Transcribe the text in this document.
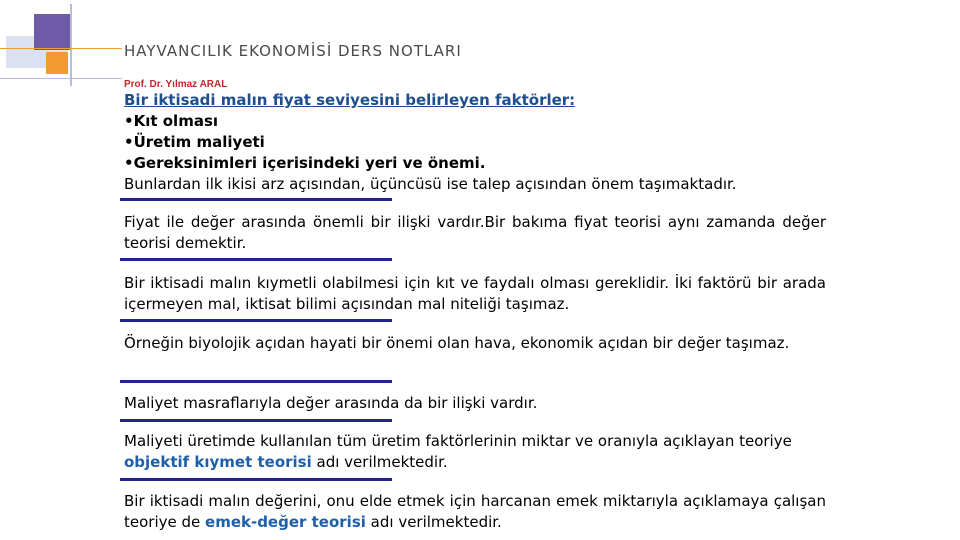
HAYVANCILIK EKONOMİSİ DERS NOTLARI
Prof. Dr. Yılmaz ARAL
Bir iktisadi malın fiyat seviyesini belirleyen faktörler:
•Kıt olması
•Üretim maliyeti
•Gereksinimleri içerisindeki yeri ve önemi.
Bunlardan ilk ikisi arz açısından, üçüncüsü ise talep açısından önem taşımaktadır.
Fiyat ile değer arasında önemli bir ilişki vardır.Bir bakıma fiyat teorisi aynı zamanda değer teorisi demektir.
Bir iktisadi malın kıymetli olabilmesi için kıt ve faydalı olması gereklidir. İki faktörü bir arada içermeyen mal, iktisat bilimi açısından mal niteliği taşımaz.
Örneğin biyolojik açıdan hayati bir önemi olan hava, ekonomik açıdan bir değer taşımaz.
Maliyet masraflarıyla değer arasında da bir ilişki vardır.
Maliyeti üretimde kullanılan tüm üretim faktörlerinin miktar ve oranıyla açıklayan teoriye objektif kıymet teorisi adı verilmektedir.
Bir iktisadi malın değerini, onu elde etmek için harcanan emek miktarıyla açıklamaya çalışan teoriye de emek-değer teorisi adı verilmektedir.
